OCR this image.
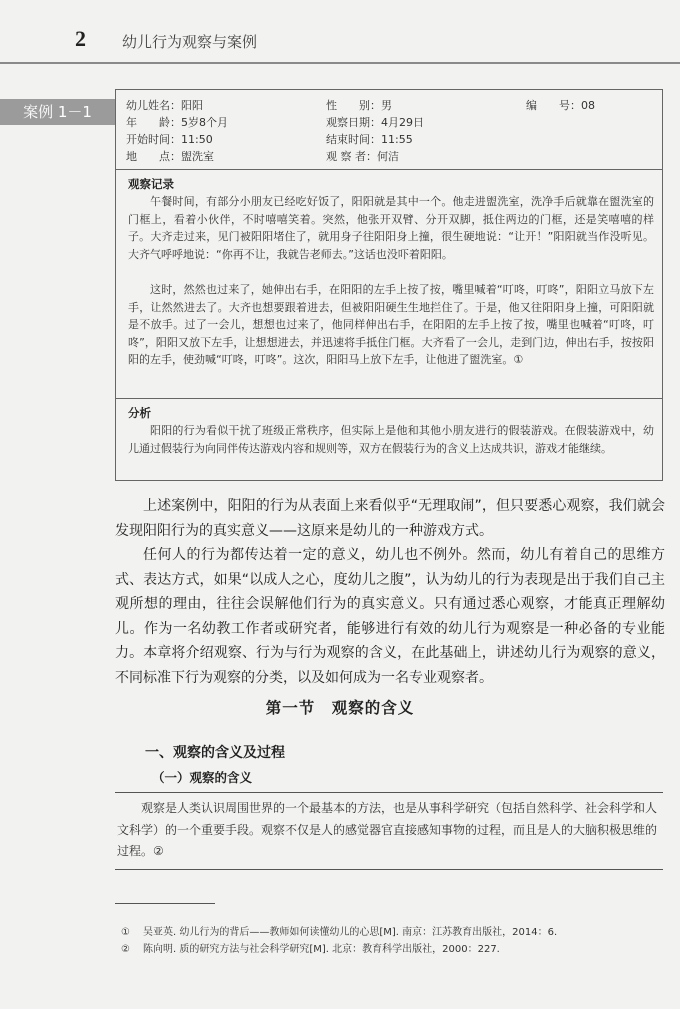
2 幼儿行为观察与案例
案例 1－1	幼儿姓名：阳阳	性　　别：男	编　　号：08
年　　龄：5岁8个月	观察日期：4月29日
开始时间：11:50	结束时间：11:55
地　　点：盥洗室	观 察 者：何洁
观察记录
午餐时间，有部分小朋友已经吃好饭了，阳阳就是其中一个。他走进盥洗室，洗净手后就靠在盥洗室的门框上，看着小伙伴，不时嘻嘻笑着。突然，他张开双臂、分开双脚，抵住两边的门框，还是笑嘻嘻的样子。大齐走过来，见门被阳阳堵住了，就用身子往阳阳身上撞，很生硬地说：“让开！”阳阳就当作没听见。大齐气呼呼地说：“你再不让，我就告老师去。”这话也没吓着阳阳。
这时，然然也过来了，她伸出右手，在阳阳的左手上按了按，嘴里喊着“叮咚，叮咚”，阳阳立马放下左手，让然然进去了。大齐也想要跟着进去，但被阳阳硬生生地拦住了。于是，他又往阳阳身上撞，可阳阳就是不放手。过了一会儿，想想也过来了，他同样伸出右手，在阳阳的左手上按了按，嘴里也喊着“叮咚，叮咚”，阳阳又放下左手，让想想进去，并迅速将手抵住门框。大齐看了一会儿，走到门边，伸出右手，按按阳阳的左手，使劲喊“叮咚，叮咚”。这次，阳阳马上放下左手，让他进了盥洗室。①
分析
阳阳的行为看似干扰了班级正常秩序，但实际上是他和其他小朋友进行的假装游戏。在假装游戏中，幼儿通过假装行为向同伴传达游戏内容和规则等，双方在假装行为的含义上达成共识，游戏才能继续。
上述案例中，阳阳的行为从表面上来看似乎“无理取闹”，但只要悉心观察，我们就会发现阳阳行为的真实意义——这原来是幼儿的一种游戏方式。
任何人的行为都传达着一定的意义，幼儿也不例外。然而，幼儿有着自己的思维方式、表达方式，如果“以成人之心，度幼儿之腹”，认为幼儿的行为表现是出于我们自己主观所想的理由，往往会误解他们行为的真实意义。只有通过悉心观察，才能真正理解幼儿。作为一名幼教工作者或研究者，能够进行有效的幼儿行为观察是一种必备的专业能力。本章将介绍观察、行为与行为观察的含义，在此基础上，讲述幼儿行为观察的意义，不同标准下行为观察的分类，以及如何成为一名专业观察者。
第一节　观察的含义
一、观察的含义及过程
（一）观察的含义
观察是人类认识周围世界的一个最基本的方法，也是从事科学研究（包括自然科学、社会科学和人文科学）的一个重要手段。观察不仅是人的感觉器官直接感知事物的过程，而且是人的大脑积极思维的过程。②
① 吴亚英. 幼儿行为的背后——教师如何读懂幼儿的心思[M]. 南京：江苏教育出版社，2014：6.
② 陈向明. 质的研究方法与社会科学研究[M]. 北京：教育科学出版社，2000：227.
